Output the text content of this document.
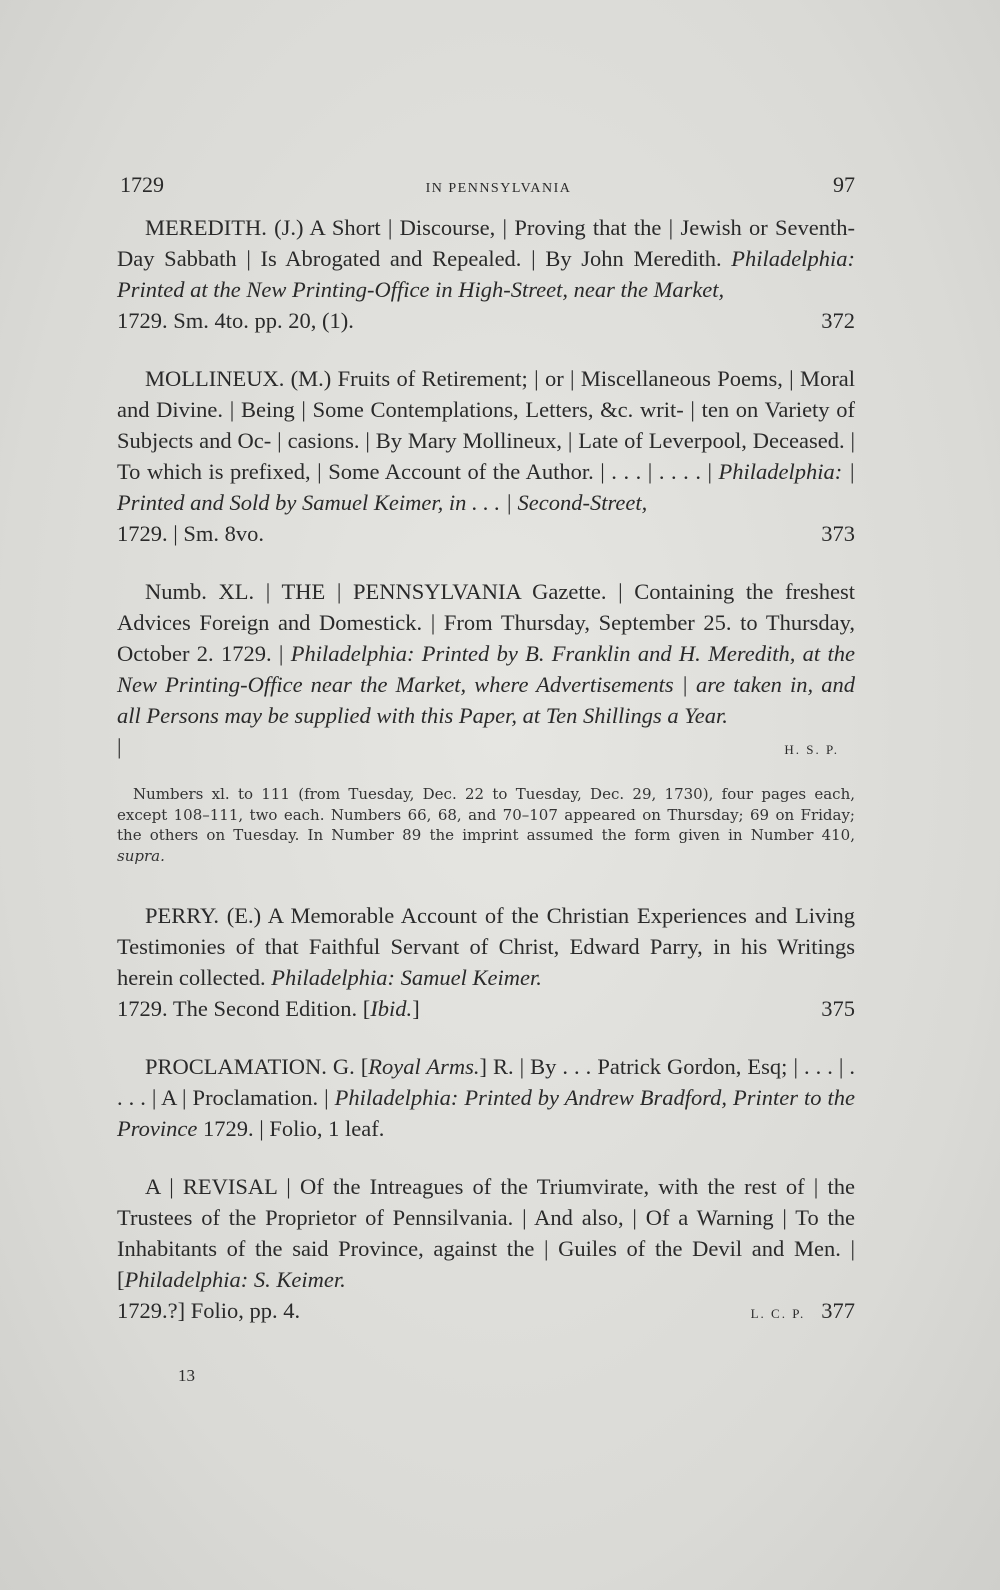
1729	IN PENNSYLVANIA	97

MEREDITH. (J.) A Short | Discourse, | Proving that the | Jewish or Seventh-Day Sabbath | Is Abrogated and Repealed. | By John Meredith. Philadelphia: Printed at the New Printing-Office in High-Street, near the Market,

1729. Sm. 4to. pp. 20, (1).	372

MOLLINEUX. (M.) Fruits of Retirement; | or | Miscellaneous Poems, | Moral and Divine. | Being | Some Contemplations, Letters, &c. writ- | ten on Variety of Subjects and Oc- | casions. | By Mary Mollineux, | Late of Leverpool, Deceased. | To which is prefixed, | Some Account of the Author. | . . . | . . . . | Philadelphia: | Printed and Sold by Samuel Keimer, in . . . | Second-Street,

1729. | Sm. 8vo.	373

Numb. XL. | THE | PENNSYLVANIA Gazette. | Containing the freshest Advices Foreign and Domestick. | From Thursday, September 25. to Thursday, October 2. 1729. | Philadelphia: Printed by B. Franklin and H. Meredith, at the New Printing-Office near the Market, where Advertisements | are taken in, and all Persons may be supplied with this Paper, at Ten Shillings a Year.

|	H. S. P.

Numbers xl. to 111 (from Tuesday, Dec. 22 to Tuesday, Dec. 29, 1730), four pages each, except 108–111, two each. Numbers 66, 68, and 70–107 appeared on Thursday; 69 on Friday; the others on Tuesday. In Number 89 the imprint assumed the form given in Number 410, supra.

PERRY. (E.) A Memorable Account of the Christian Experiences and Living Testimonies of that Faithful Servant of Christ, Edward Parry, in his Writings herein collected. Philadelphia: Samuel Keimer.

1729. The Second Edition. [Ibid.]	375

PROCLAMATION. G. [Royal Arms.] R. | By . . . Patrick Gordon, Esq; | . . . | . . . . | A | Proclamation. | Philadelphia: Printed by Andrew Bradford, Printer to the Province 1729. | Folio, 1 leaf.

A | REVISAL | Of the Intreagues of the Triumvirate, with the rest of | the Trustees of the Proprietor of Pennsilvania. | And also, | Of a Warning | To the Inhabitants of the said Province, against the | Guiles of the Devil and Men. | [Philadelphia: S. Keimer.

1729.?] Folio, pp. 4.	L. C. P. 377
13
